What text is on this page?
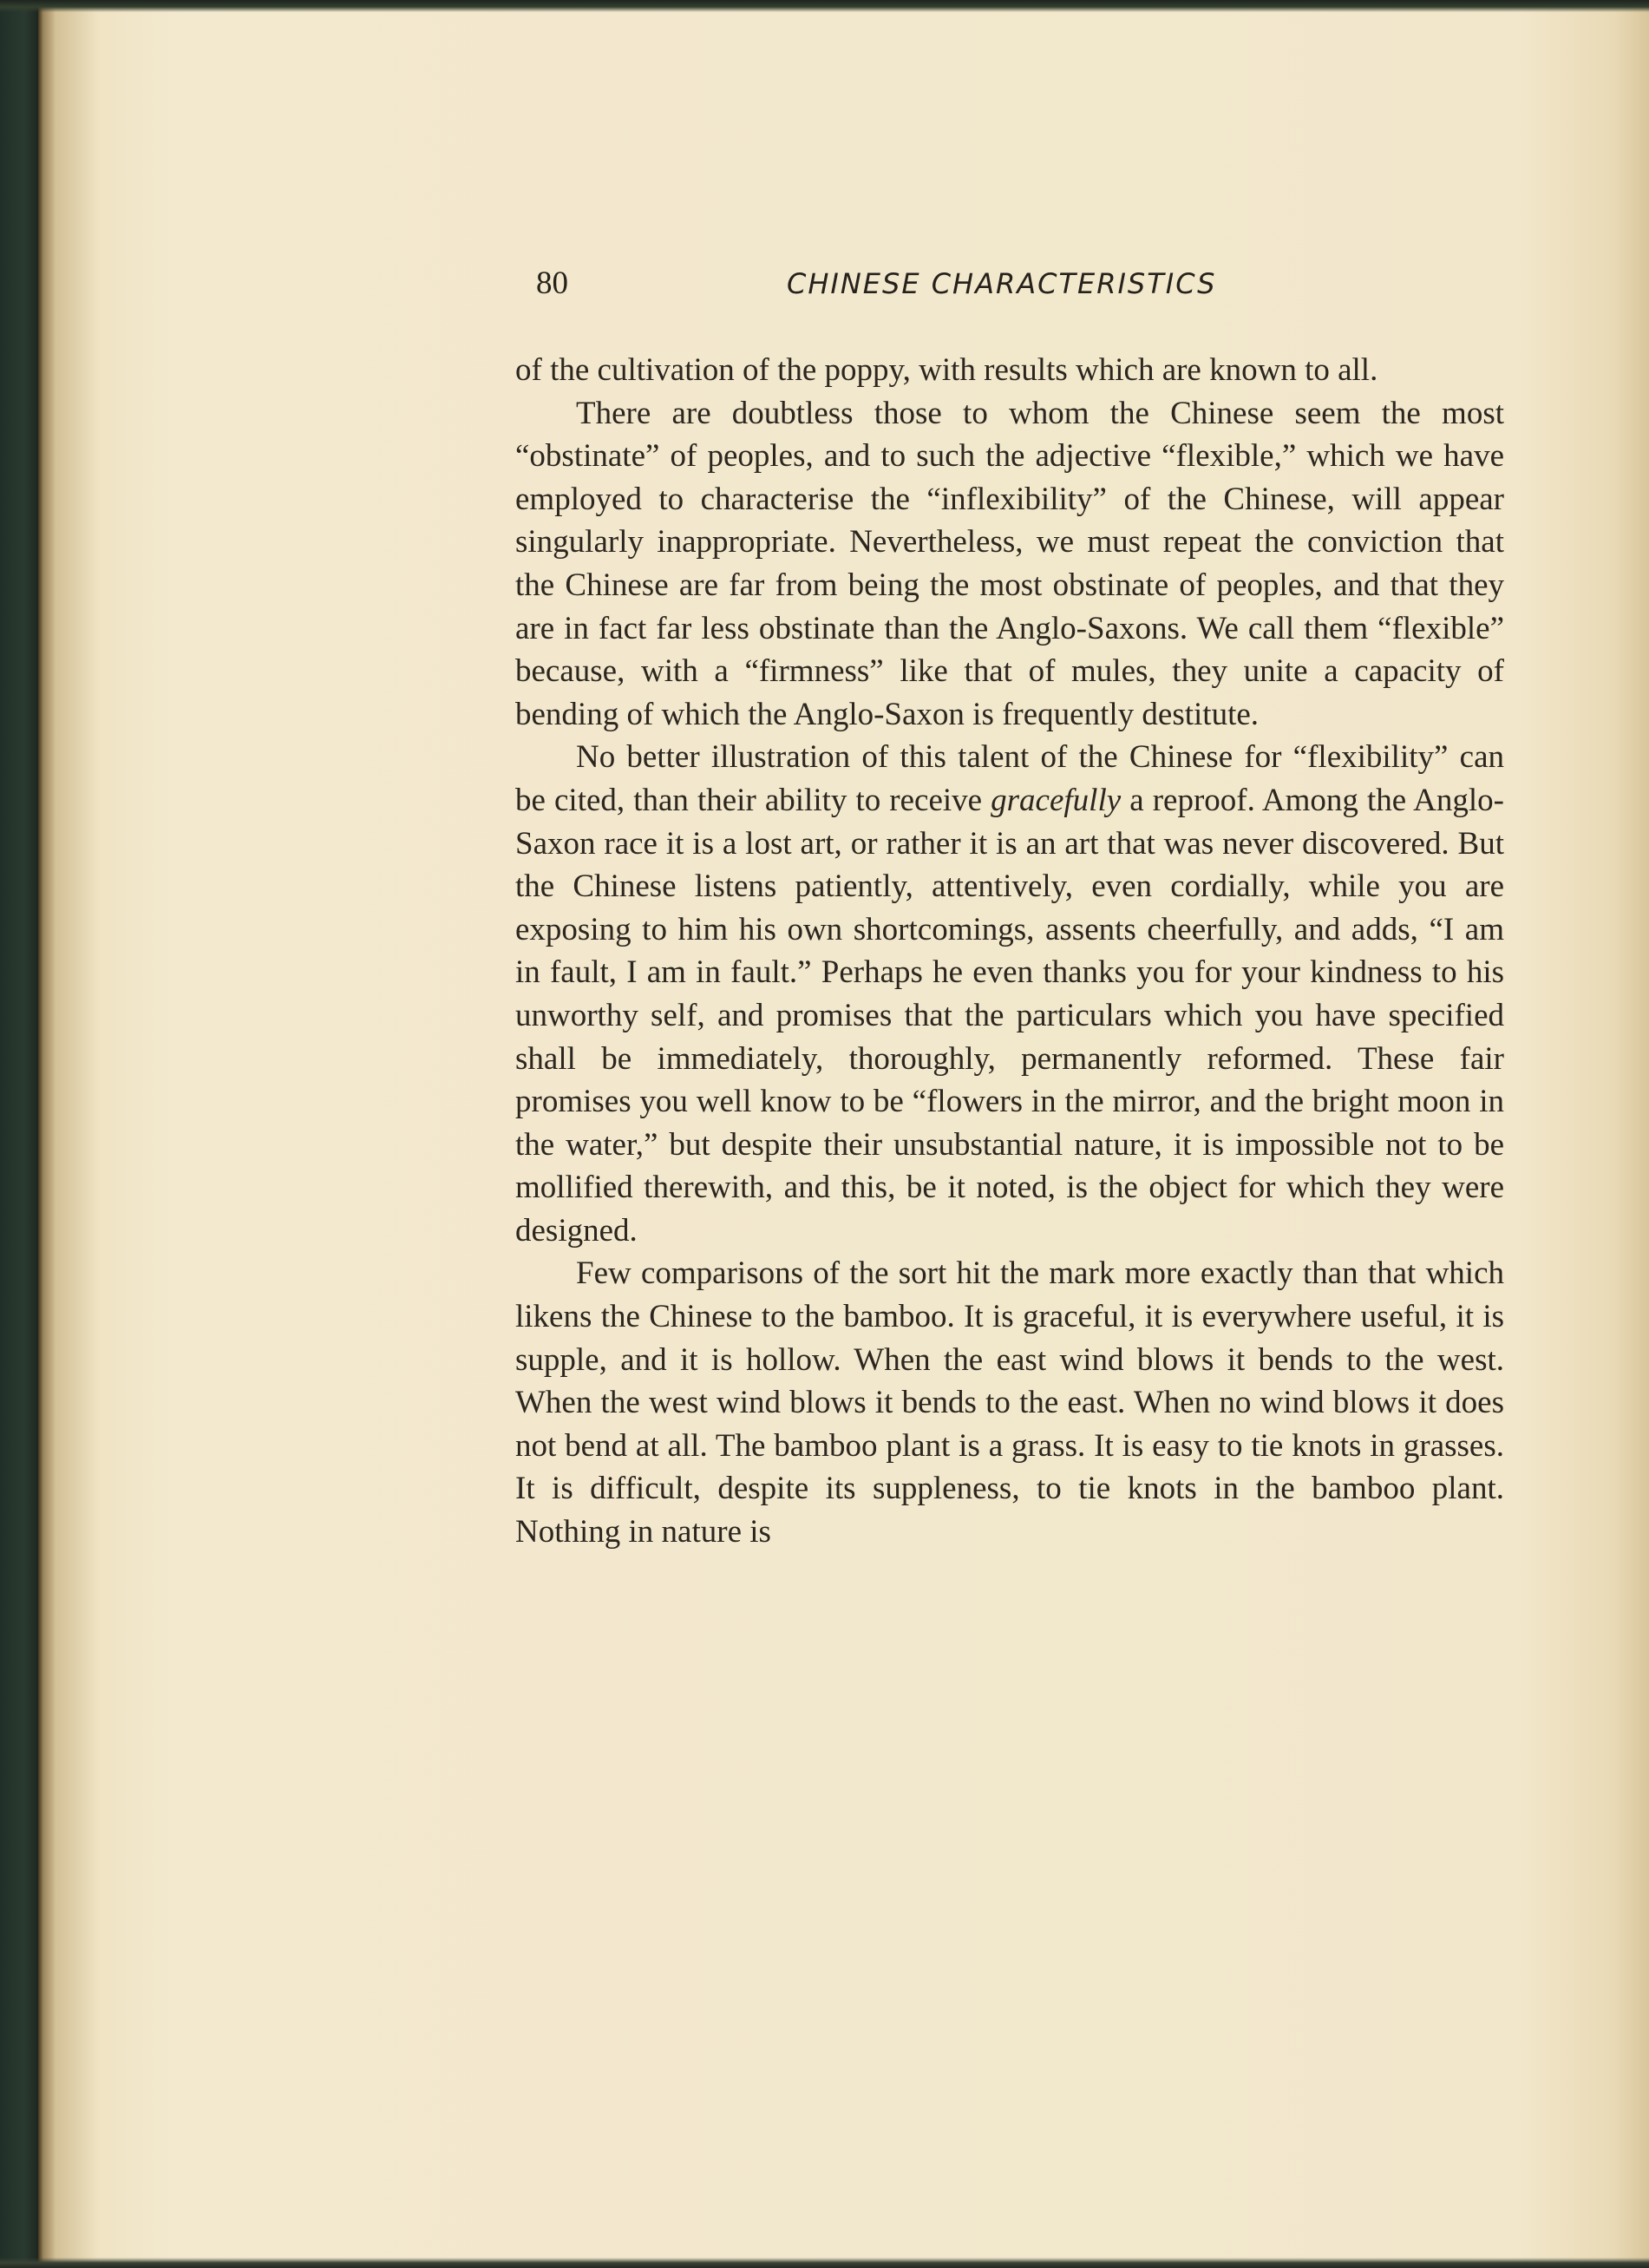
80	CHINESE CHARACTERISTICS

of the cultivation of the poppy, with results which are known to all.

There are doubtless those to whom the Chinese seem the most “obstinate” of peoples, and to such the adjective “flexible,” which we have employed to characterise the “inflexibility” of the Chinese, will appear singularly inappropriate. Nevertheless, we must repeat the conviction that the Chinese are far from being the most obstinate of peoples, and that they are in fact far less obstinate than the Anglo-Saxons. We call them “flexible” because, with a “firmness” like that of mules, they unite a capacity of bending of which the Anglo-Saxon is frequently destitute.

No better illustration of this talent of the Chinese for “flexibility” can be cited, than their ability to receive gracefully a reproof. Among the Anglo-Saxon race it is a lost art, or rather it is an art that was never discovered. But the Chinese listens patiently, attentively, even cordially, while you are exposing to him his own shortcomings, assents cheerfully, and adds, “I am in fault, I am in fault.” Perhaps he even thanks you for your kindness to his unworthy self, and promises that the particulars which you have specified shall be immediately, thoroughly, permanently reformed. These fair promises you well know to be “flowers in the mirror, and the bright moon in the water,” but despite their unsubstantial nature, it is impossible not to be mollified therewith, and this, be it noted, is the object for which they were designed.

Few comparisons of the sort hit the mark more exactly than that which likens the Chinese to the bamboo. It is graceful, it is everywhere useful, it is supple, and it is hollow. When the east wind blows it bends to the west. When the west wind blows it bends to the east. When no wind blows it does not bend at all. The bamboo plant is a grass. It is easy to tie knots in grasses. It is difficult, despite its suppleness, to tie knots in the bamboo plant. Nothing in nature is
